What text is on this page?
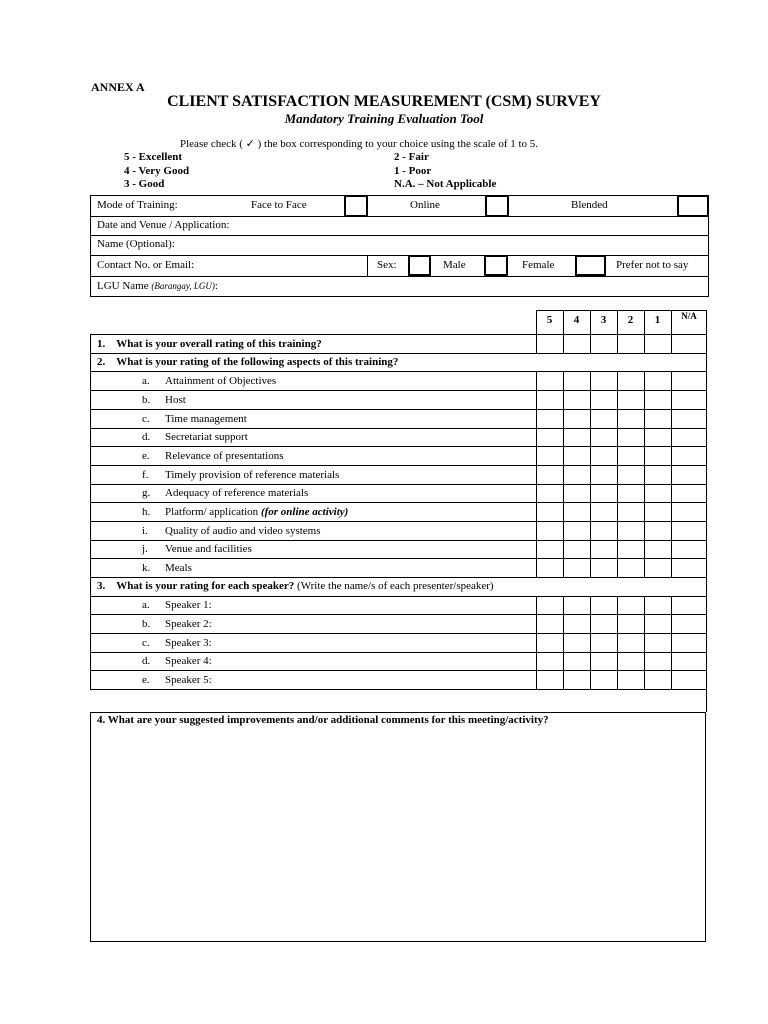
ANNEX A
CLIENT SATISFACTION MEASUREMENT (CSM) SURVEY
Mandatory Training Evaluation Tool
Please check ( ✓ ) the box corresponding to your choice using the scale of 1 to 5.
5 - Excellent
4 - Very Good
3 - Good
2 - Fair
1 - Poor
N.A. – Not Applicable
Mode of Training:	Face to Face	Online	Blended
Date and Venue / Application:
Name (Optional):
Contact No. or Email:	Sex:	Male	Female	Prefer not to say
LGU Name (Barangay, LGU):
5	4	3	2	1	N/A
1. What is your overall rating of this training?
2. What is your rating of the following aspects of this training?
a. Attainment of Objectives
b. Host
c. Time management
d. Secretariat support
e. Relevance of presentations
f. Timely provision of reference materials
g. Adequacy of reference materials
h. Platform/ application (for online activity)
i. Quality of audio and video systems
j. Venue and facilities
k. Meals
3. What is your rating for each speaker? (Write the name/s of each presenter/speaker)
a. Speaker 1:
b. Speaker 2:
c. Speaker 3:
d. Speaker 4:
e. Speaker 5:
4. What are your suggested improvements and/or additional comments for this meeting/activity?
